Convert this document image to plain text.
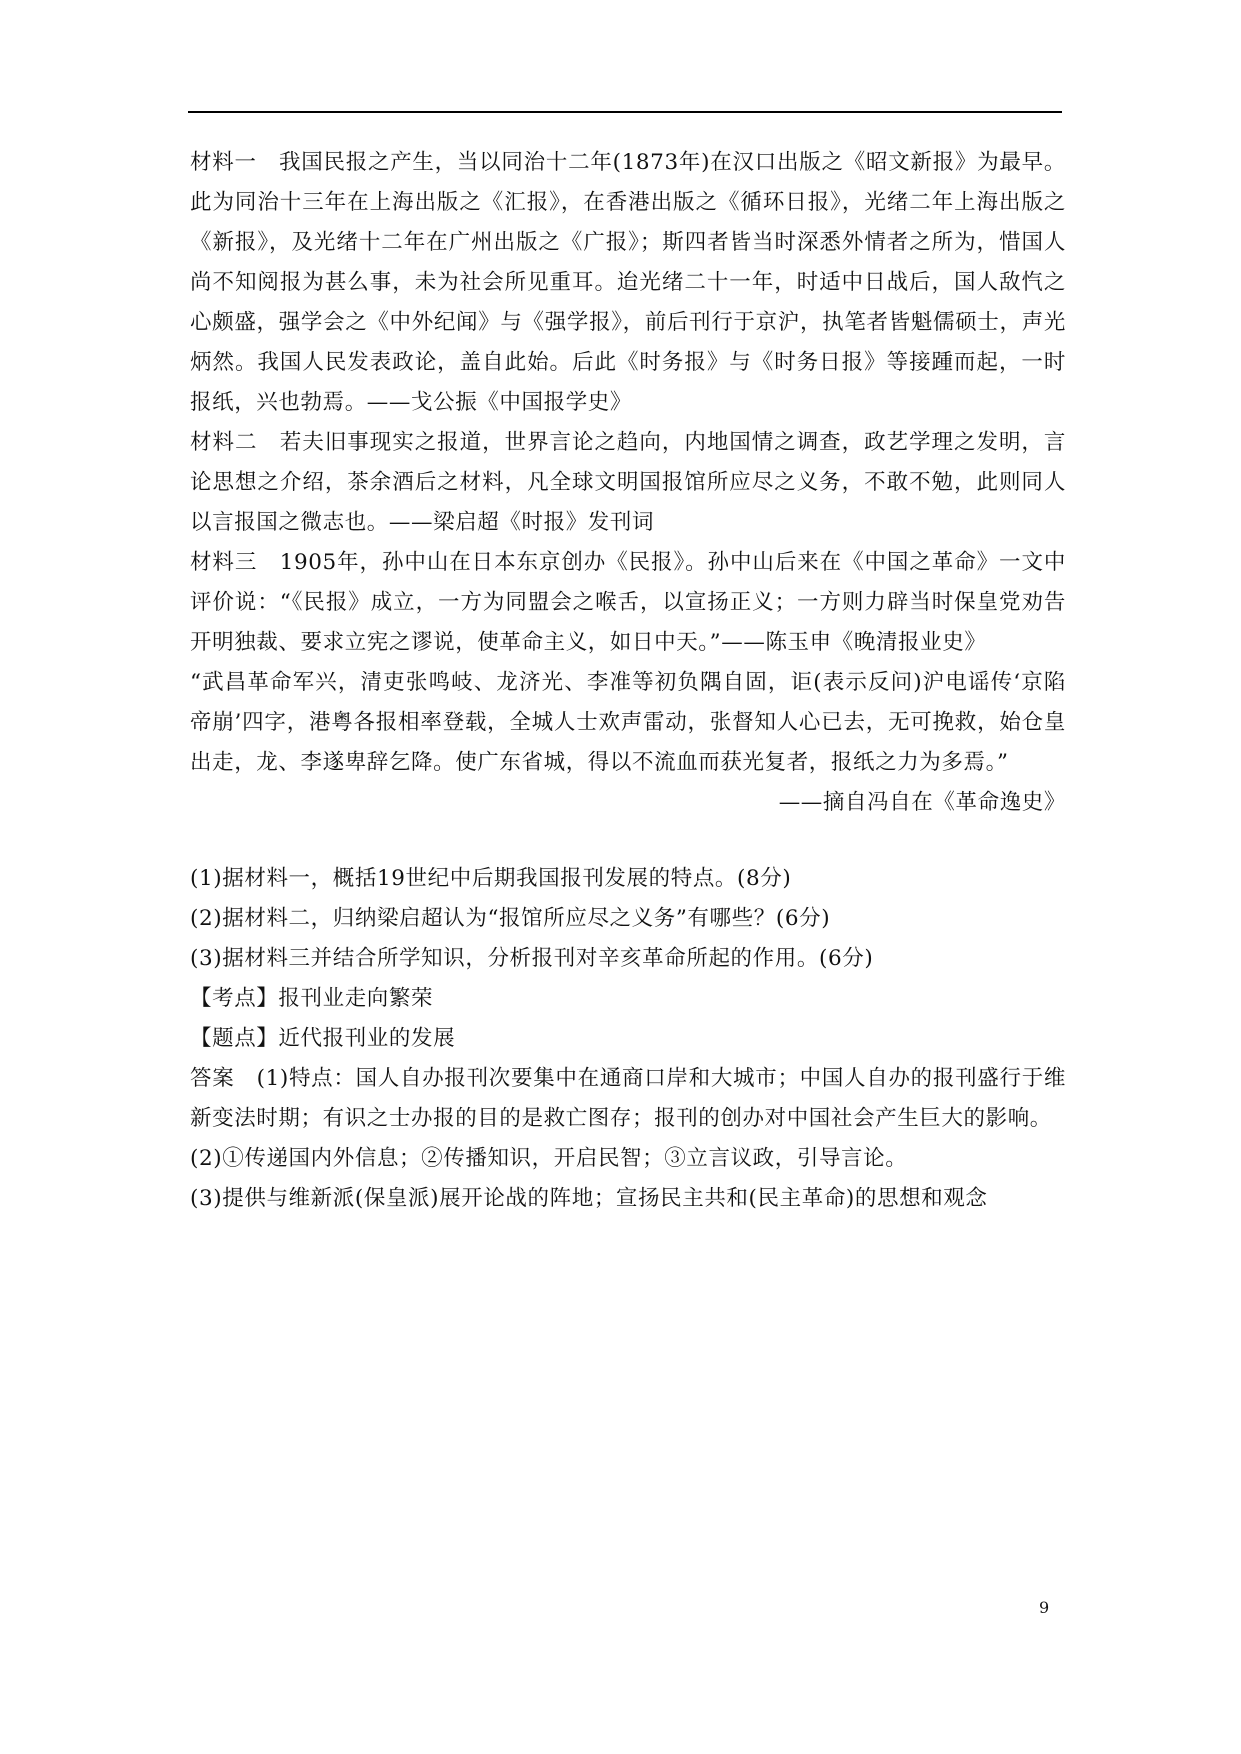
材料一　我国民报之产生，当以同治十二年(1873年)在汉口出版之《昭文新报》为最早。此为同治十三年在上海出版之《汇报》，在香港出版之《循环日报》，光绪二年上海出版之《新报》，及光绪十二年在广州出版之《广报》；斯四者皆当时深悉外情者之所为，惜国人尚不知阅报为甚么事，未为社会所见重耳。迨光绪二十一年，时适中日战后，国人敌忾之心颇盛，强学会之《中外纪闻》与《强学报》，前后刊行于京沪，执笔者皆魁儒硕士，声光炳然。我国人民发表政论，盖自此始。后此《时务报》与《时务日报》等接踵而起，一时报纸，兴也勃焉。——戈公振《中国报学史》

材料二　若夫旧事现实之报道，世界言论之趋向，内地国情之调查，政艺学理之发明，言论思想之介绍，茶余酒后之材料，凡全球文明国报馆所应尽之义务，不敢不勉，此则同人以言报国之微志也。——梁启超《时报》发刊词

材料三　1905年，孙中山在日本东京创办《民报》。孙中山后来在《中国之革命》一文中评价说：“《民报》成立，一方为同盟会之喉舌，以宣扬正义；一方则力辟当时保皇党劝告开明独裁、要求立宪之谬说，使革命主义，如日中天。”——陈玉申《晚清报业史》

“武昌革命军兴，清吏张鸣岐、龙济光、李准等初负隅自固，讵(表示反问)沪电谣传‘京陷帝崩’四字，港粤各报相率登载，全城人士欢声雷动，张督知人心已去，无可挽救，始仓皇出走，龙、李遂卑辞乞降。使广东省城，得以不流血而获光复者，报纸之力为多焉。”

——摘自冯自在《革命逸史》

(1)据材料一，概括19世纪中后期我国报刊发展的特点。(8分)

(2)据材料二，归纳梁启超认为“报馆所应尽之义务”有哪些？(6分)

(3)据材料三并结合所学知识，分析报刊对辛亥革命所起的作用。(6分)

【考点】报刊业走向繁荣

【题点】近代报刊业的发展

答案　(1)特点：国人自办报刊次要集中在通商口岸和大城市；中国人自办的报刊盛行于维新变法时期；有识之士办报的目的是救亡图存；报刊的创办对中国社会产生巨大的影响。

(2)①传递国内外信息；②传播知识，开启民智；③立言议政，引导言论。

(3)提供与维新派(保皇派)展开论战的阵地；宣扬民主共和(民主革命)的思想和观念

9
